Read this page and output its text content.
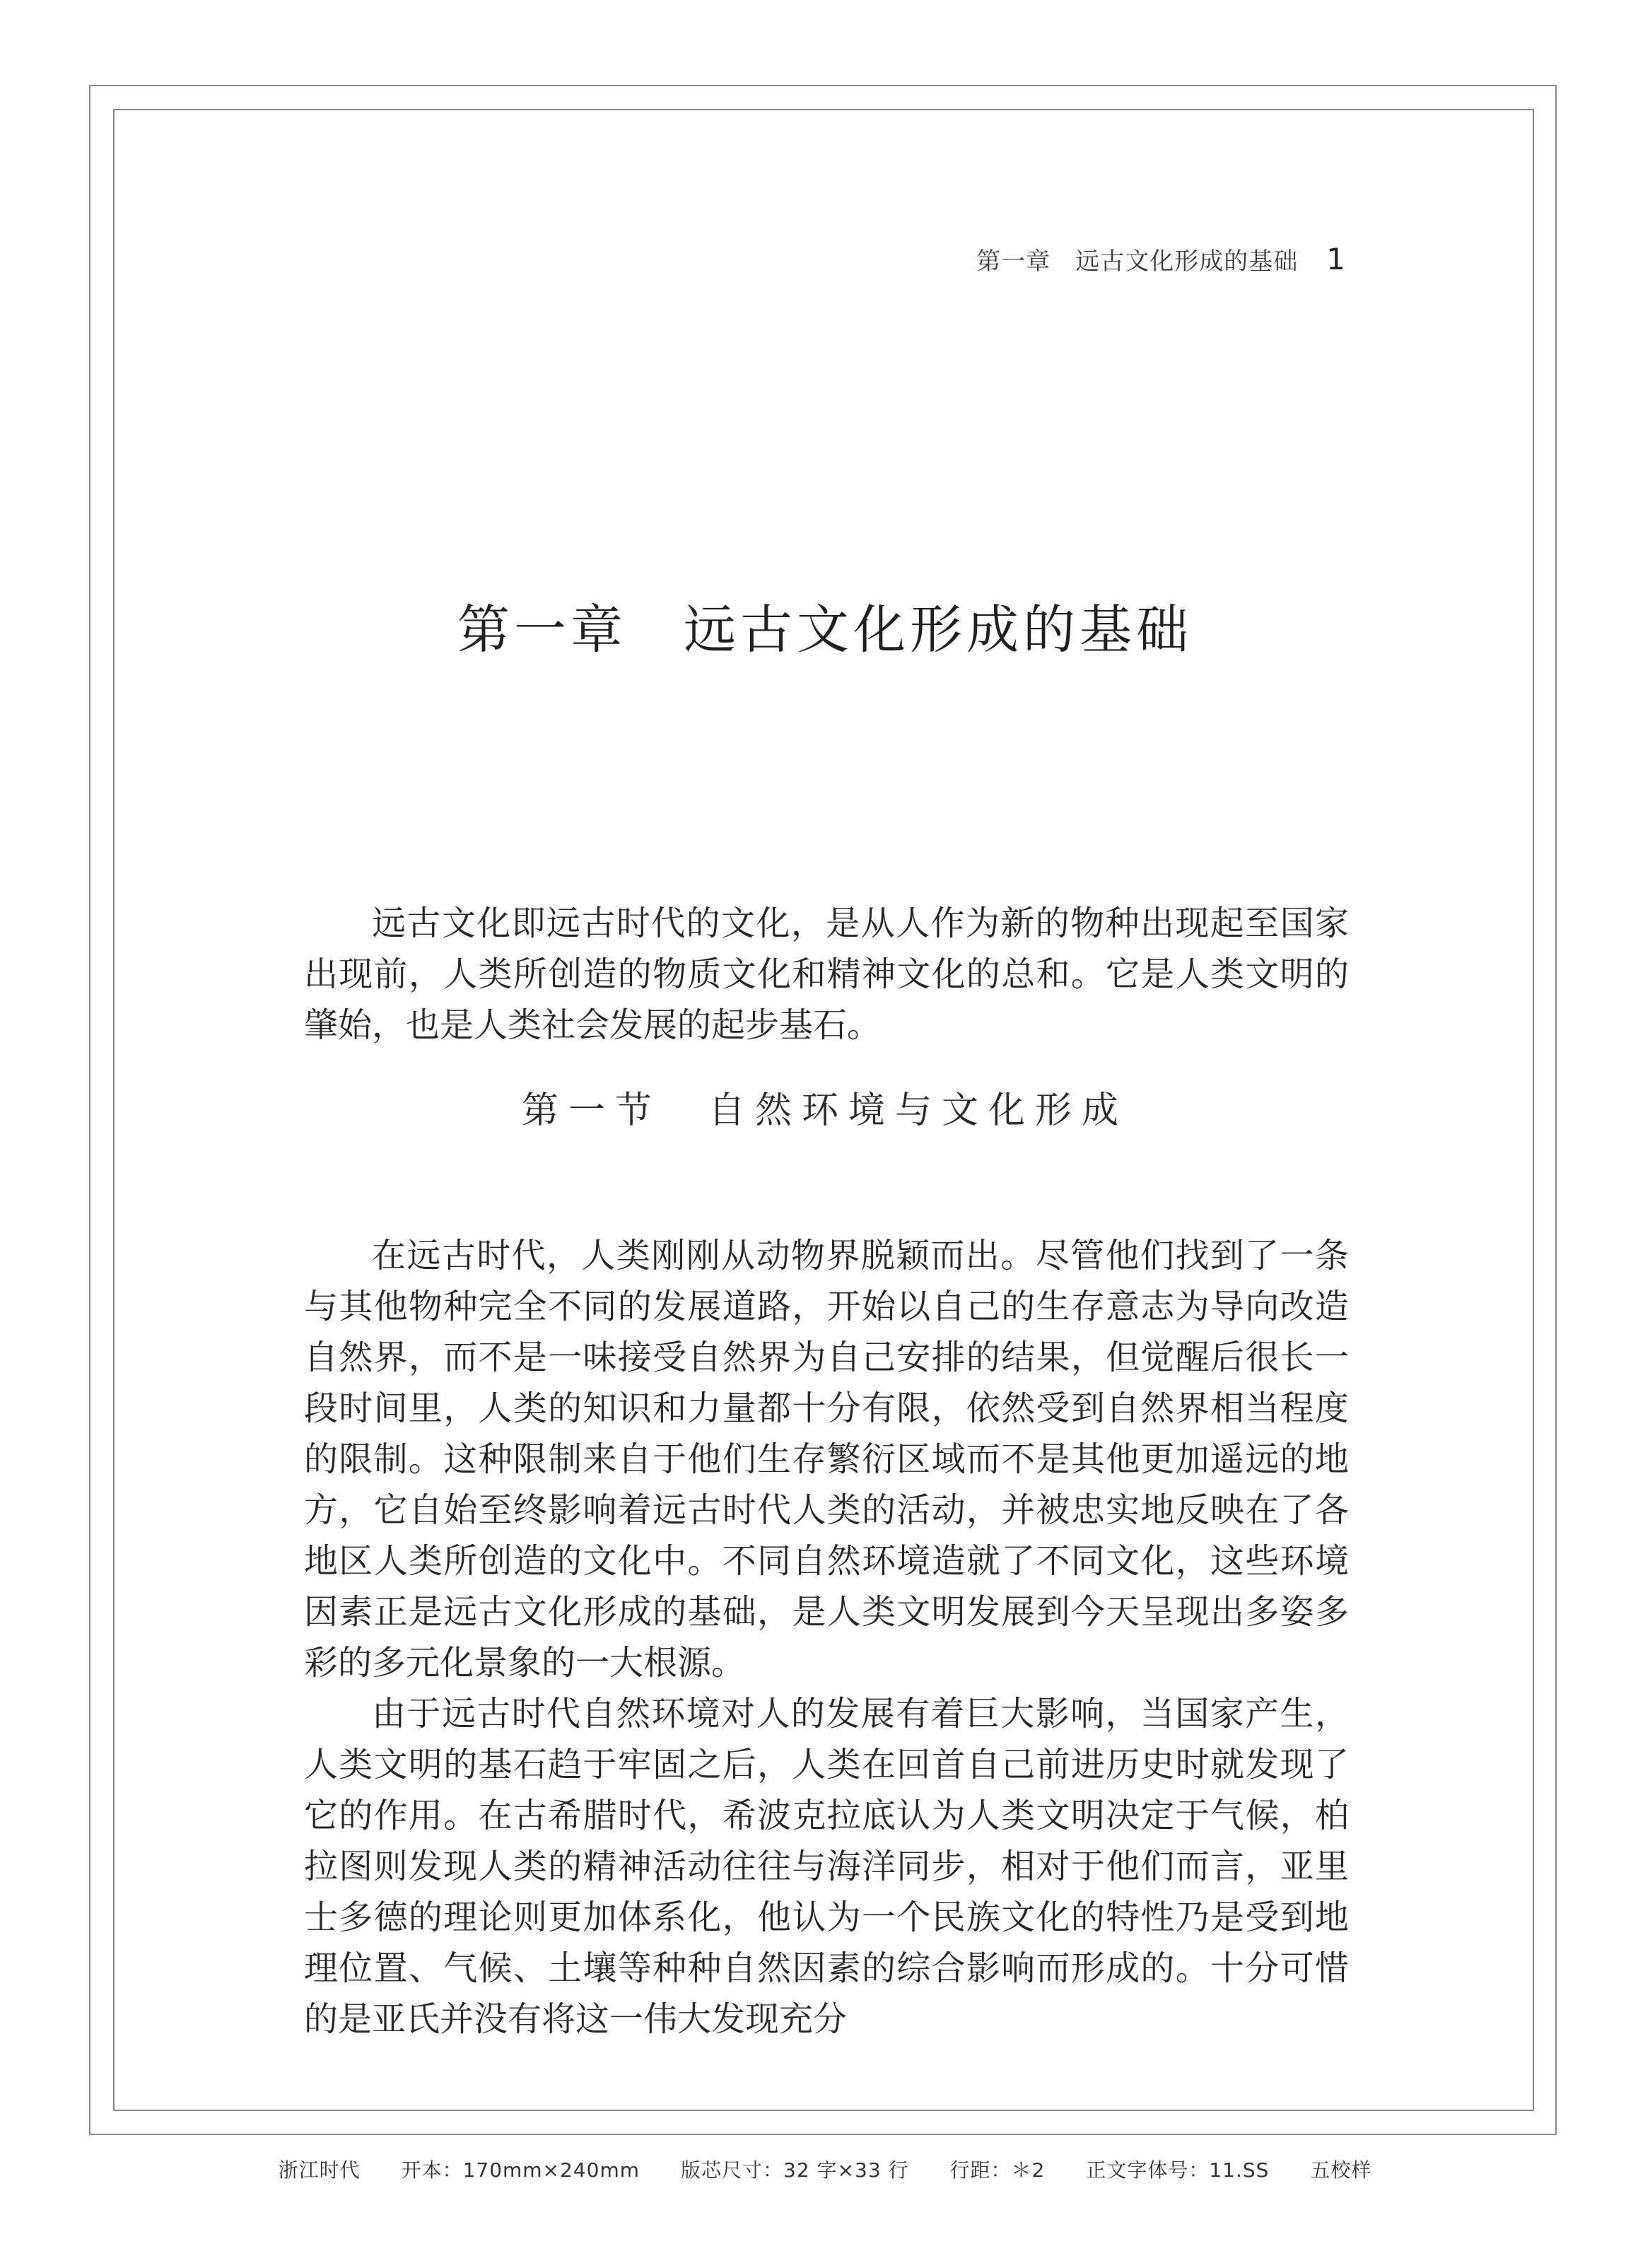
第一章　远古文化形成的基础 1
第一章　远古文化形成的基础

远古文化即远古时代的文化，是从人作为新的物种出现起至国家出现前，人类所创造的物质文化和精神文化的总和。它是人类文明的肇始，也是人类社会发展的起步基石。

第一节　自然环境与文化形成

在远古时代，人类刚刚从动物界脱颖而出。尽管他们找到了一条与其他物种完全不同的发展道路，开始以自己的生存意志为导向改造自然界，而不是一味接受自然界为自己安排的结果，但觉醒后很长一段时间里，人类的知识和力量都十分有限，依然受到自然界相当程度的限制。这种限制来自于他们生存繁衍区域而不是其他更加遥远的地方，它自始至终影响着远古时代人类的活动，并被忠实地反映在了各地区人类所创造的文化中。不同自然环境造就了不同文化，这些环境因素正是远古文化形成的基础，是人类文明发展到今天呈现出多姿多彩的多元化景象的一大根源。

由于远古时代自然环境对人的发展有着巨大影响，当国家产生，人类文明的基石趋于牢固之后，人类在回首自己前进历史时就发现了它的作用。在古希腊时代，希波克拉底认为人类文明决定于气候，柏拉图则发现人类的精神活动往往与海洋同步，相对于他们而言，亚里士多德的理论则更加体系化，他认为一个民族文化的特性乃是受到地理位置、气候、土壤等种种自然因素的综合影响而形成的。十分可惜的是亚氏并没有将这一伟大发现充分

浙江时代　　开本：170mm×240mm　　版芯尺寸：32 字×33 行　　行距：＊2　　正文字体号：11.SS　　五校样
